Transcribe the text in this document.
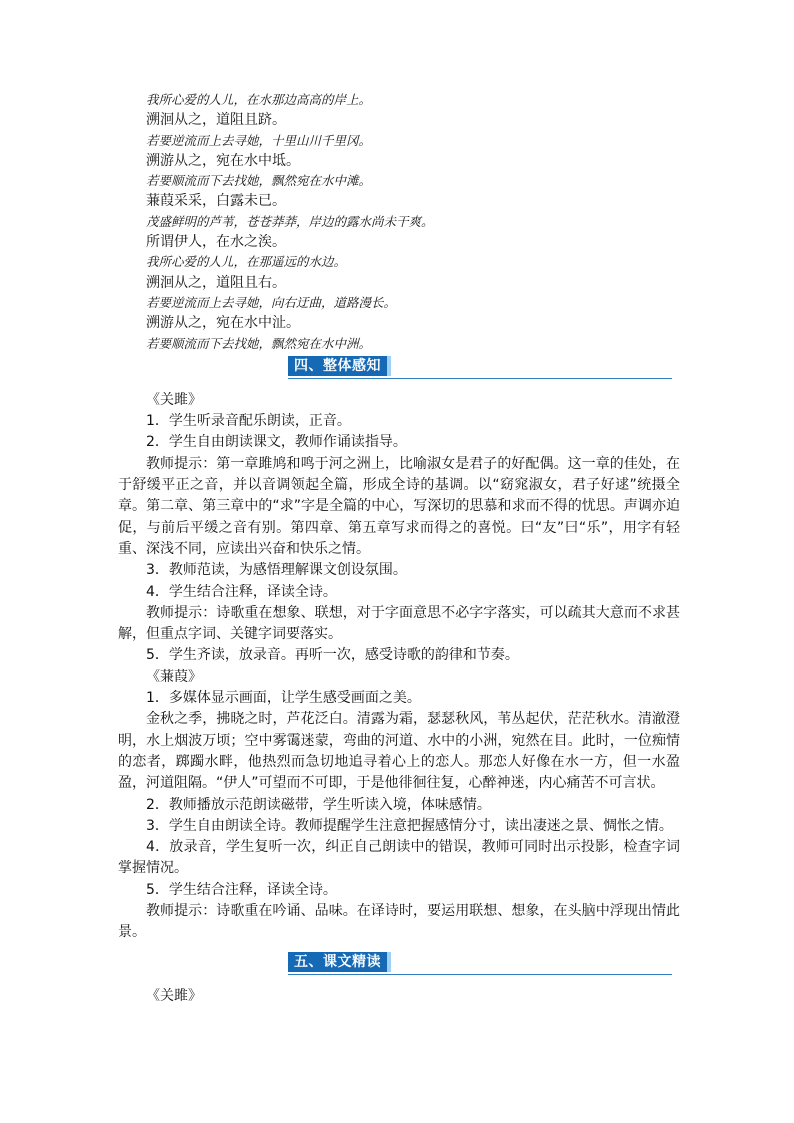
我所心爱的人儿，在水那边高高的岸上。
溯洄从之，道阻且跻。
若要逆流而上去寻她，十里山川千里冈。
溯游从之，宛在水中坻。
若要顺流而下去找她，飘然宛在水中滩。
蒹葭采采，白露未已。
茂盛鲜明的芦苇，苍苍莽莽，岸边的露水尚未干爽。
所谓伊人，在水之涘。
我所心爱的人儿，在那遥远的水边。
溯洄从之，道阻且右。
若要逆流而上去寻她，向右迂曲，道路漫长。
溯游从之，宛在水中沚。
若要顺流而下去找她，飘然宛在水中洲。
四、整体感知

《关雎》

1．学生听录音配乐朗读，正音。

2．学生自由朗读课文，教师作诵读指导。

教师提示：第一章雎鸠和鸣于河之洲上，比喻淑女是君子的好配偶。这一章的佳处，在于舒缓平正之音，并以音调领起全篇，形成全诗的基调。以“窈窕淑女，君子好逑”统摄全章。第二章、第三章中的“求”字是全篇的中心，写深切的思慕和求而不得的忧思。声调亦迫促，与前后平缓之音有别。第四章、第五章写求而得之的喜悦。曰“友”曰“乐”，用字有轻重、深浅不同，应读出兴奋和快乐之情。

3．教师范读，为感悟理解课文创设氛围。

4．学生结合注释，译读全诗。

教师提示：诗歌重在想象、联想，对于字面意思不必字字落实，可以疏其大意而不求甚解，但重点字词、关键字词要落实。

5．学生齐读，放录音。再听一次，感受诗歌的韵律和节奏。

《蒹葭》

1．多媒体显示画面，让学生感受画面之美。

金秋之季，拂晓之时，芦花泛白。清露为霜，瑟瑟秋风，苇丛起伏，茫茫秋水。清澈澄明，水上烟波万顷；空中雾霭迷蒙，弯曲的河道、水中的小洲，宛然在目。此时，一位痴情的恋者，踯躅水畔，他热烈而急切地追寻着心上的恋人。那恋人好像在水一方，但一水盈盈，河道阻隔。“伊人”可望而不可即，于是他徘徊往复，心醉神迷，内心痛苦不可言状。

2．教师播放示范朗读磁带，学生听读入境，体味感情。

3．学生自由朗读全诗。教师提醒学生注意把握感情分寸，读出凄迷之景、惆怅之情。

4．放录音，学生复听一次，纠正自己朗读中的错误，教师可同时出示投影，检查字词掌握情况。

5．学生结合注释，译读全诗。

教师提示：诗歌重在吟诵、品味。在译诗时，要运用联想、想象，在头脑中浮现出情此景。

五、课文精读

《关雎》
